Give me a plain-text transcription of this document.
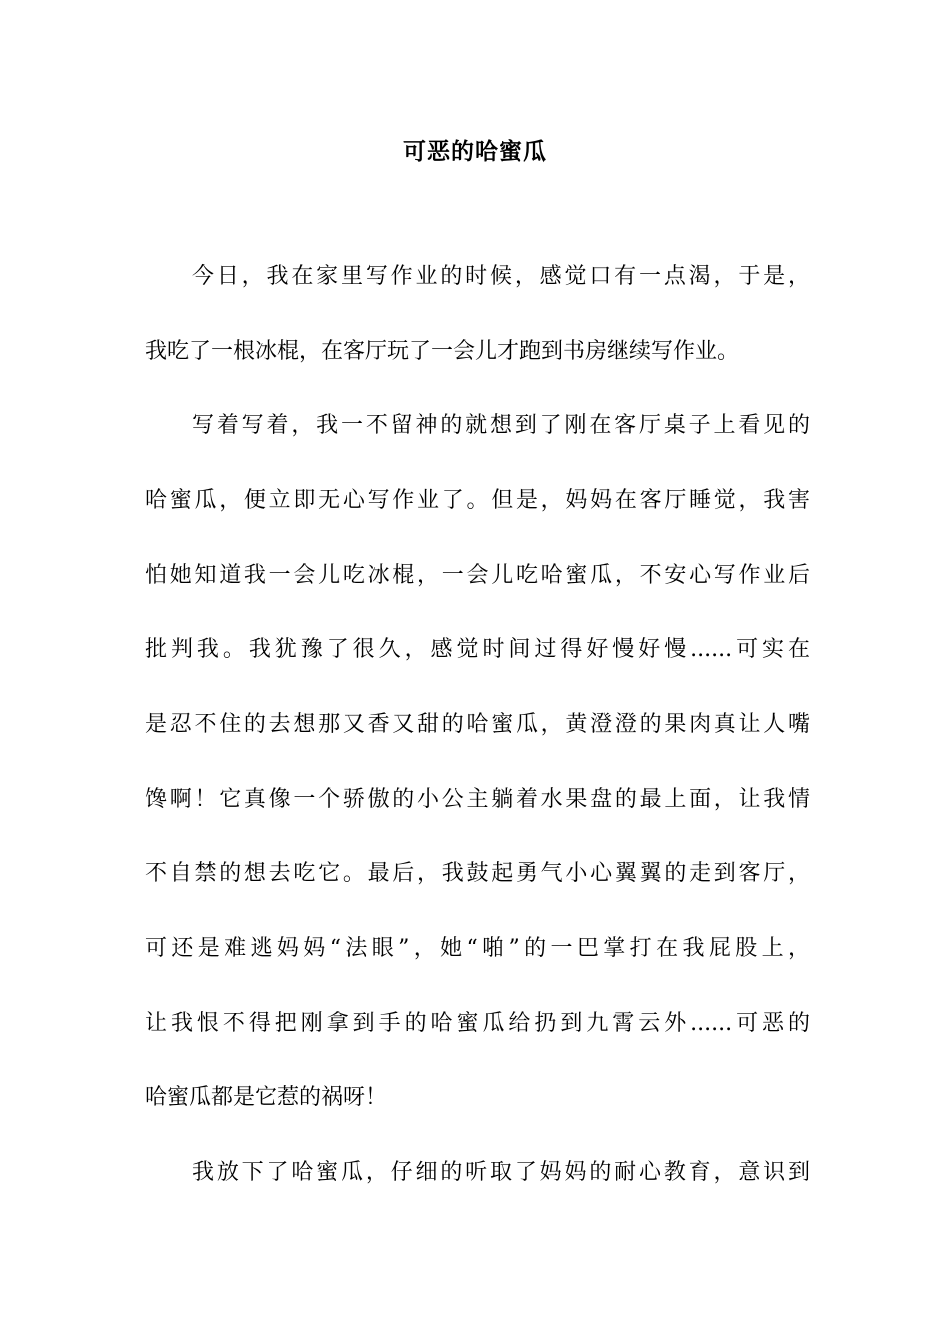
可恶的哈蜜瓜

今日，我在家里写作业的时候，感觉口有一点渴，于是，

我吃了一根冰棍，在客厅玩了一会儿才跑到书房继续写作业。

写着写着，我一不留神的就想到了刚在客厅桌子上看见的

哈蜜瓜，便立即无心写作业了。但是，妈妈在客厅睡觉，我害

怕她知道我一会儿吃冰棍，一会儿吃哈蜜瓜，不安心写作业后

批判我。我犹豫了很久，感觉时间过得好慢好慢......可实在

是忍不住的去想那又香又甜的哈蜜瓜，黄澄澄的果肉真让人嘴

馋啊！它真像一个骄傲的小公主躺着水果盘的最上面，让我情

不自禁的想去吃它。最后，我鼓起勇气小心翼翼的走到客厅，

可还是难逃妈妈“法眼”，她“啪”的一巴掌打在我屁股上，

让我恨不得把刚拿到手的哈蜜瓜给扔到九霄云外......可恶的

哈蜜瓜都是它惹的祸呀！

我放下了哈蜜瓜，仔细的听取了妈妈的耐心教育，意识到
